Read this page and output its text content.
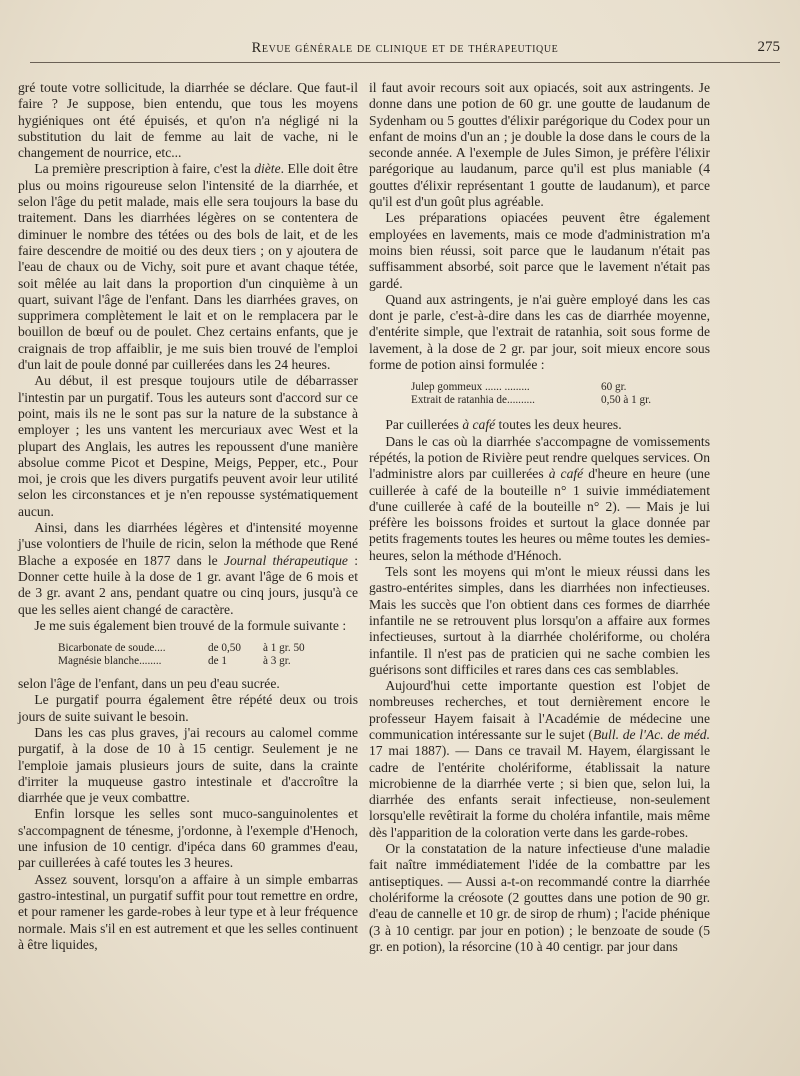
Revue générale de clinique et de thérapeutique	275

gré toute votre sollicitude, la diarrhée se déclare. Que faut-il faire ? Je suppose, bien entendu, que tous les moyens hygiéniques ont été épuisés, et qu'on n'a négligé ni la substitution du lait de femme au lait de vache, ni le changement de nourrice, etc...

La première prescription à faire, c'est la diète. Elle doit être plus ou moins rigoureuse selon l'intensité de la diarrhée, et selon l'âge du petit malade, mais elle sera toujours la base du traitement. Dans les diarrhées légères on se contentera de diminuer le nombre des tétées ou des bols de lait, et de les faire descendre de moitié ou des deux tiers ; on y ajoutera de l'eau de chaux ou de Vichy, soit pure et avant chaque tétée, soit mêlée au lait dans la proportion d'un cinquième à un quart, suivant l'âge de l'enfant. Dans les diarrhées graves, on supprimera complètement le lait et on le remplacera par le bouillon de bœuf ou de poulet. Chez certains enfants, que je craignais de trop affaiblir, je me suis bien trouvé de l'emploi d'un lait de poule donné par cuillerées dans les 24 heures.

Au début, il est presque toujours utile de débarrasser l'intestin par un purgatif. Tous les auteurs sont d'accord sur ce point, mais ils ne le sont pas sur la nature de la substance à employer ; les uns vantent les mercuriaux avec West et la plupart des Anglais, les autres les repoussent d'une manière absolue comme Picot et Despine, Meigs, Pepper, etc., Pour moi, je crois que les divers purgatifs peuvent avoir leur utilité selon les circonstances et je n'en repousse systématiquement aucun.

Ainsi, dans les diarrhées légères et d'intensité moyenne j'use volontiers de l'huile de ricin, selon la méthode que René Blache a exposée en 1877 dans le Journal thérapeutique : Donner cette huile à la dose de 1 gr. avant l'âge de 6 mois et de 3 gr. avant 2 ans, pendant quatre ou cinq jours, jusqu'à ce que les selles aient changé de caractère.

Je me suis également bien trouvé de la formule suivante :

Bicarbonate de soude....	de 0,50	à 1 gr. 50
Magnésie blanche........	de 1	à 3 gr.

selon l'âge de l'enfant, dans un peu d'eau sucrée.

Le purgatif pourra également être répété deux ou trois jours de suite suivant le besoin.

Dans les cas plus graves, j'ai recours au calomel comme purgatif, à la dose de 10 à 15 centigr. Seulement je ne l'emploie jamais plusieurs jours de suite, dans la crainte d'irriter la muqueuse gastro intestinale et d'accroître la diarrhée que je veux combattre.

Enfin lorsque les selles sont muco-sanguinolentes et s'accompagnent de ténesme, j'ordonne, à l'exemple d'Henoch, une infusion de 10 centigr. d'ipéca dans 60 grammes d'eau, par cuillerées à café toutes les 3 heures.

Assez souvent, lorsqu'on a affaire à un simple embarras gastro-intestinal, un purgatif suffit pour tout remettre en ordre, et pour ramener les garde-robes à leur type et à leur fréquence normale. Mais s'il en est autrement et que les selles continuent à être liquides,

il faut avoir recours soit aux opiacés, soit aux astringents. Je donne dans une potion de 60 gr. une goutte de laudanum de Sydenham ou 5 gouttes d'élixir parégorique du Codex pour un enfant de moins d'un an ; je double la dose dans le cours de la seconde année. A l'exemple de Jules Simon, je préfère l'élixir parégorique au laudanum, parce qu'il est plus maniable (4 gouttes d'élixir représentant 1 goutte de laudanum), et parce qu'il est d'un goût plus agréable.

Les préparations opiacées peuvent être également employées en lavements, mais ce mode d'administration m'a moins bien réussi, soit parce que le laudanum n'était pas suffisamment absorbé, soit parce que le lavement n'était pas gardé.

Quand aux astringents, je n'ai guère employé dans les cas dont je parle, c'est-à-dire dans les cas de diarrhée moyenne, d'entérite simple, que l'extrait de ratanhia, soit sous forme de lavement, à la dose de 2 gr. par jour, soit mieux encore sous forme de potion ainsi formulée :

Julep gommeux ...... .........	60 gr.
Extrait de ratanhia de..........	0,50 à 1 gr.

Par cuillerées à café toutes les deux heures.

Dans le cas où la diarrhée s'accompagne de vomissements répétés, la potion de Rivière peut rendre quelques services. On l'administre alors par cuillerées à café d'heure en heure (une cuillerée à café de la bouteille n° 1 suivie immédiatement d'une cuillerée à café de la bouteille n° 2). — Mais je lui préfère les boissons froides et surtout la glace donnée par petits fragements toutes les heures ou même toutes les demies-heures, selon la méthode d'Hénoch.

Tels sont les moyens qui m'ont le mieux réussi dans les gastro-entérites simples, dans les diarrhées non infectieuses. Mais les succès que l'on obtient dans ces formes de diarrhée infantile ne se retrouvent plus lorsqu'on a affaire aux formes infectieuses, surtout à la diarrhée cholériforme, ou choléra infantile. Il n'est pas de praticien qui ne sache combien les guérisons sont difficiles et rares dans ces cas semblables.

Aujourd'hui cette importante question est l'objet de nombreuses recherches, et tout dernièrement encore le professeur Hayem faisait à l'Académie de médecine une communication intéressante sur le sujet (Bull. de l'Ac. de méd. 17 mai 1887). — Dans ce travail M. Hayem, élargissant le cadre de l'entérite cholériforme, établissait la nature microbienne de la diarrhée verte ; si bien que, selon lui, la diarrhée des enfants serait infectieuse, non-seulement lorsqu'elle revêtirait la forme du choléra infantile, mais même dès l'apparition de la coloration verte dans les garde-robes.

Or la constatation de la nature infectieuse d'une maladie fait naître immédiatement l'idée de la combattre par les antiseptiques. — Aussi a-t-on recommandé contre la diarrhée cholériforme la créosote (2 gouttes dans une potion de 90 gr. d'eau de cannelle et 10 gr. de sirop de rhum) ; l'acide phénique (3 à 10 centigr. par jour en potion) ; le benzoate de soude (5 gr. en potion), la résorcine (10 à 40 centigr. par jour dans
